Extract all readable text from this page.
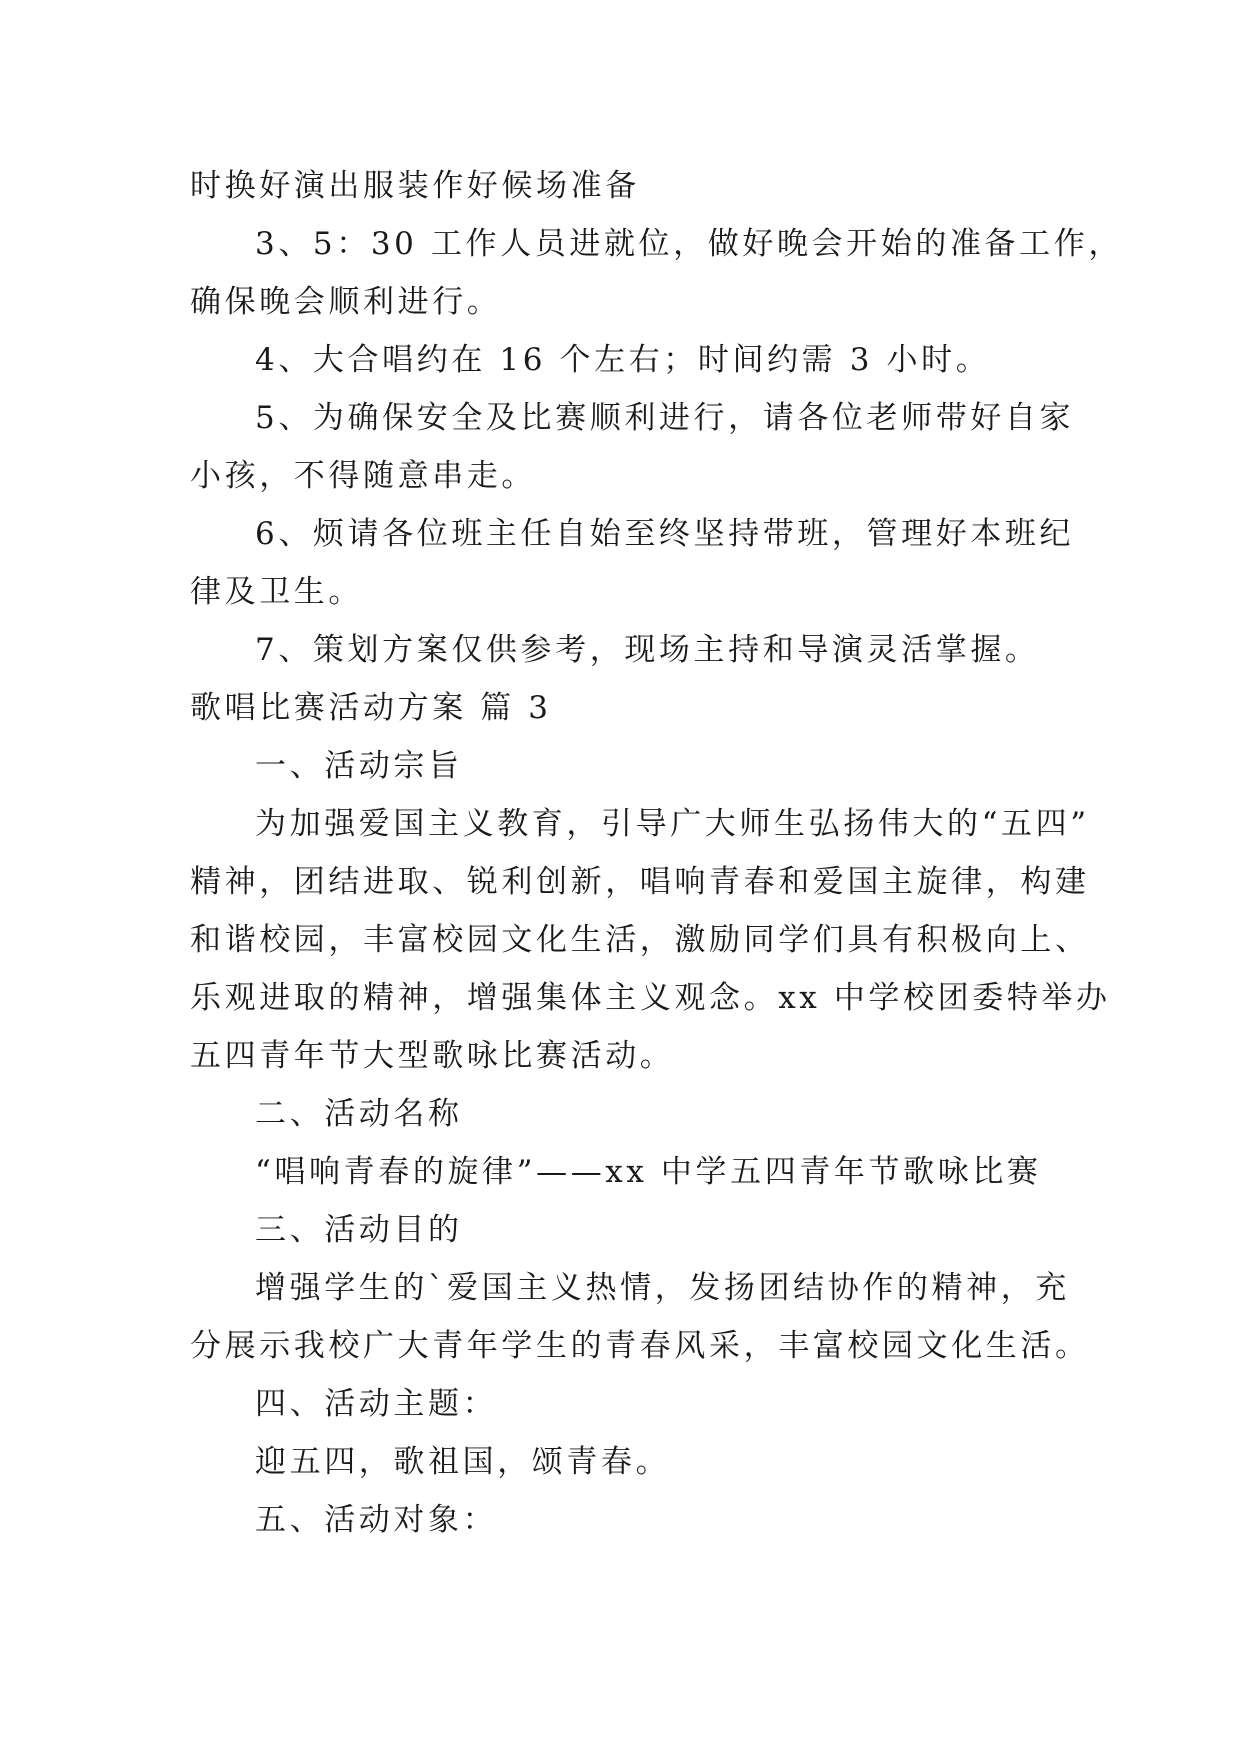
时换好演出服装作好候场准备
3、5：30 工作人员进就位，做好晚会开始的准备工作，
确保晚会顺利进行。
4、大合唱约在 16 个左右；时间约需 3 小时。
5、为确保安全及比赛顺利进行，请各位老师带好自家
小孩，不得随意串走。
6、烦请各位班主任自始至终坚持带班，管理好本班纪
律及卫生。
7、策划方案仅供参考，现场主持和导演灵活掌握。
歌唱比赛活动方案 篇 3
一、活动宗旨
为加强爱国主义教育，引导广大师生弘扬伟大的“五四”
精神，团结进取、锐利创新，唱响青春和爱国主旋律，构建
和谐校园，丰富校园文化生活，激励同学们具有积极向上、
乐观进取的精神，增强集体主义观念。xx 中学校团委特举办
五四青年节大型歌咏比赛活动。
二、活动名称
“唱响青春的旋律”——xx 中学五四青年节歌咏比赛
三、活动目的
增强学生的`爱国主义热情，发扬团结协作的精神，充
分展示我校广大青年学生的青春风采，丰富校园文化生活。
四、活动主题：
迎五四，歌祖国，颂青春。
五、活动对象：
